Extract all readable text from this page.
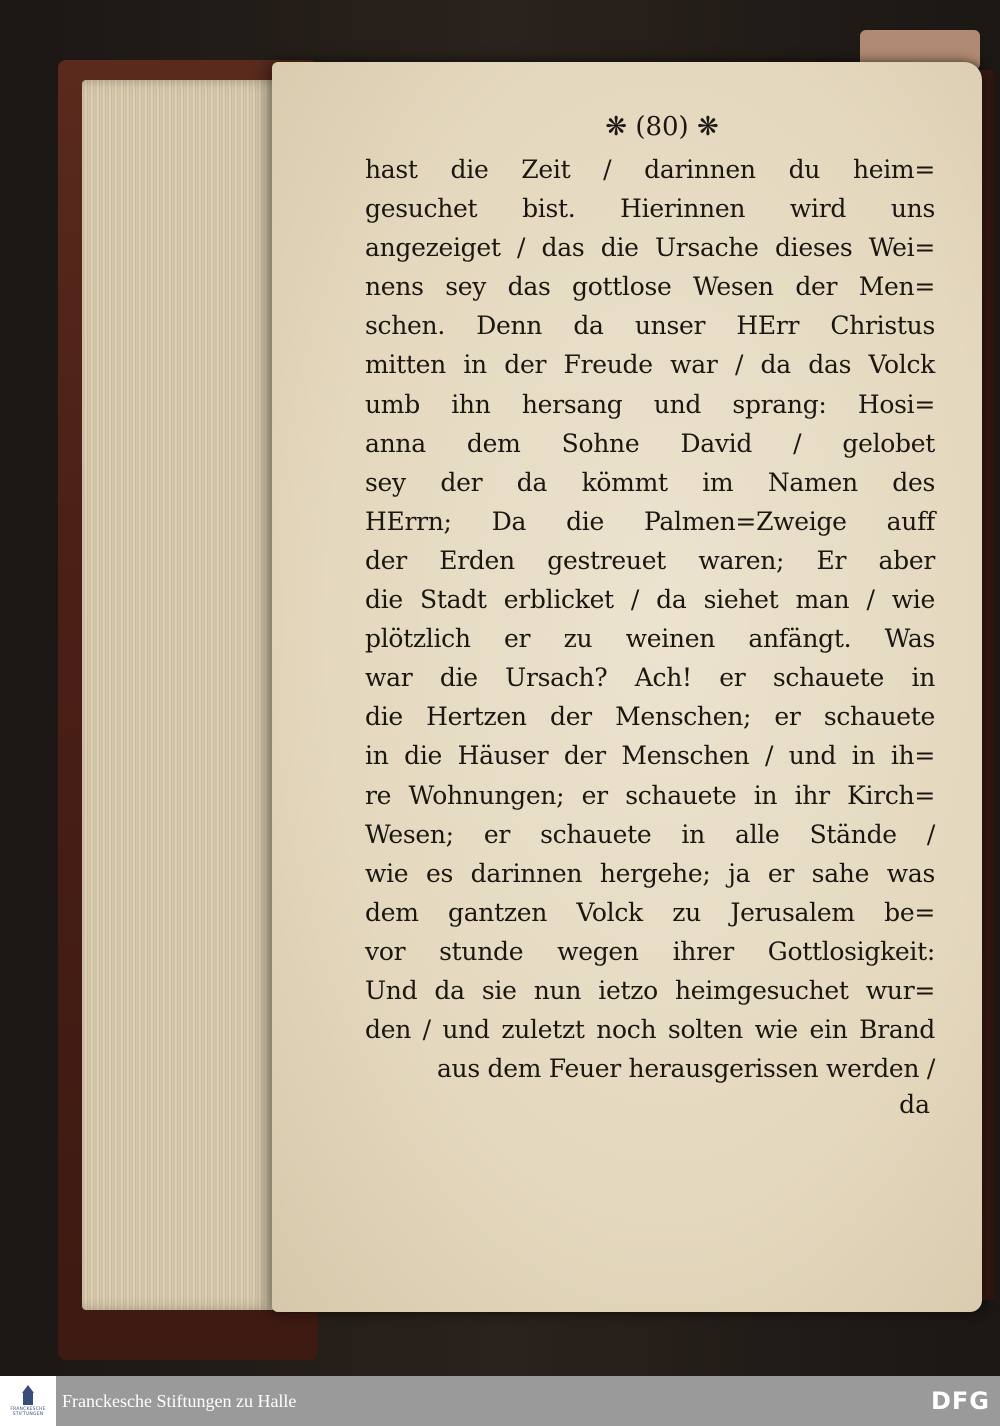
❋ (80) ❋
hast die Zeit / darinnen du heim=
gesuchet bist. Hierinnen wird uns
angezeiget / das die Ursache dieses Wei=
nens sey das gottlose Wesen der Men=
schen. Denn da unser HErr Christus
mitten in der Freude war / da das Volck
umb ihn hersang und sprang: Hosi=
anna dem Sohne David / gelobet
sey der da kömmt im Namen des
HErrn; Da die Palmen=Zweige auff
der Erden gestreuet waren; Er aber
die Stadt erblicket / da siehet man / wie
plötzlich er zu weinen anfängt. Was
war die Ursach? Ach! er schauete in
die Hertzen der Menschen; er schauete
in die Häuser der Menschen / und in ih=
re Wohnungen; er schauete in ihr Kirch=
Wesen; er schauete in alle Stände /
wie es darinnen hergehe; ja er sahe was
dem gantzen Volck zu Jerusalem be=
vor stunde wegen ihrer Gottlosigkeit:
Und da sie nun ietzo heimgesuchet wur=
den / und zuletzt noch solten wie ein Brand
aus dem Feuer herausgerissen werden /
da
FRANCKESCHE
STIFTUNGEN
Franckesche Stiftungen zu Halle	DFG
